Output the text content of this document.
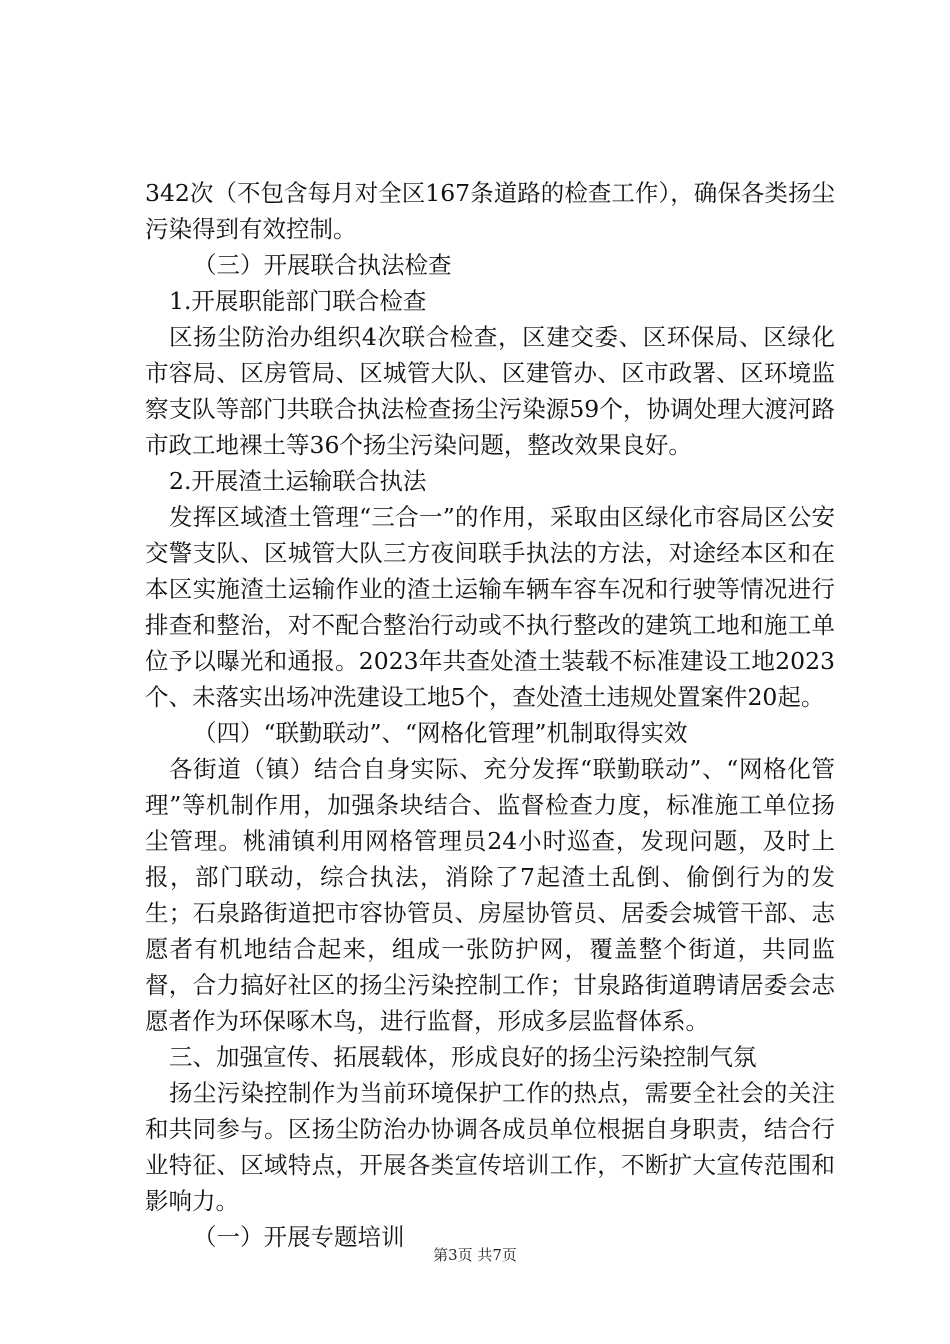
342次（不包含每月对全区167条道路的检查工作），确保各类扬尘污染得到有效控制。

（三）开展联合执法检查

1.开展职能部门联合检查

区扬尘防治办组织4次联合检查，区建交委、区环保局、区绿化市容局、区房管局、区城管大队、区建管办、区市政署、区环境监察支队等部门共联合执法检查扬尘污染源59个，协调处理大渡河路市政工地裸土等36个扬尘污染问题，整改效果良好。

2.开展渣土运输联合执法

发挥区域渣土管理“三合一”的作用，采取由区绿化市容局区公安交警支队、区城管大队三方夜间联手执法的方法，对途经本区和在本区实施渣土运输作业的渣土运输车辆车容车况和行驶等情况进行排查和整治，对不配合整治行动或不执行整改的建筑工地和施工单位予以曝光和通报。2023年共查处渣土装载不标准建设工地2023个、未落实出场冲洗建设工地5个，查处渣土违规处置案件20起。

（四）“联勤联动”、“网格化管理”机制取得实效

各街道（镇）结合自身实际、充分发挥“联勤联动”、“网格化管理”等机制作用，加强条块结合、监督检查力度，标准施工单位扬尘管理。桃浦镇利用网格管理员24小时巡查，发现问题，及时上报，部门联动，综合执法，消除了7起渣土乱倒、偷倒行为的发生；石泉路街道把市容协管员、房屋协管员、居委会城管干部、志愿者有机地结合起来，组成一张防护网，覆盖整个街道，共同监督，合力搞好社区的扬尘污染控制工作；甘泉路街道聘请居委会志愿者作为环保啄木鸟，进行监督，形成多层监督体系。

三、加强宣传、拓展载体，形成良好的扬尘污染控制气氛

扬尘污染控制作为当前环境保护工作的热点，需要全社会的关注和共同参与。区扬尘防治办协调各成员单位根据自身职责，结合行业特征、区域特点，开展各类宣传培训工作，不断扩大宣传范围和影响力。

（一）开展专题培训

第3页 共7页
